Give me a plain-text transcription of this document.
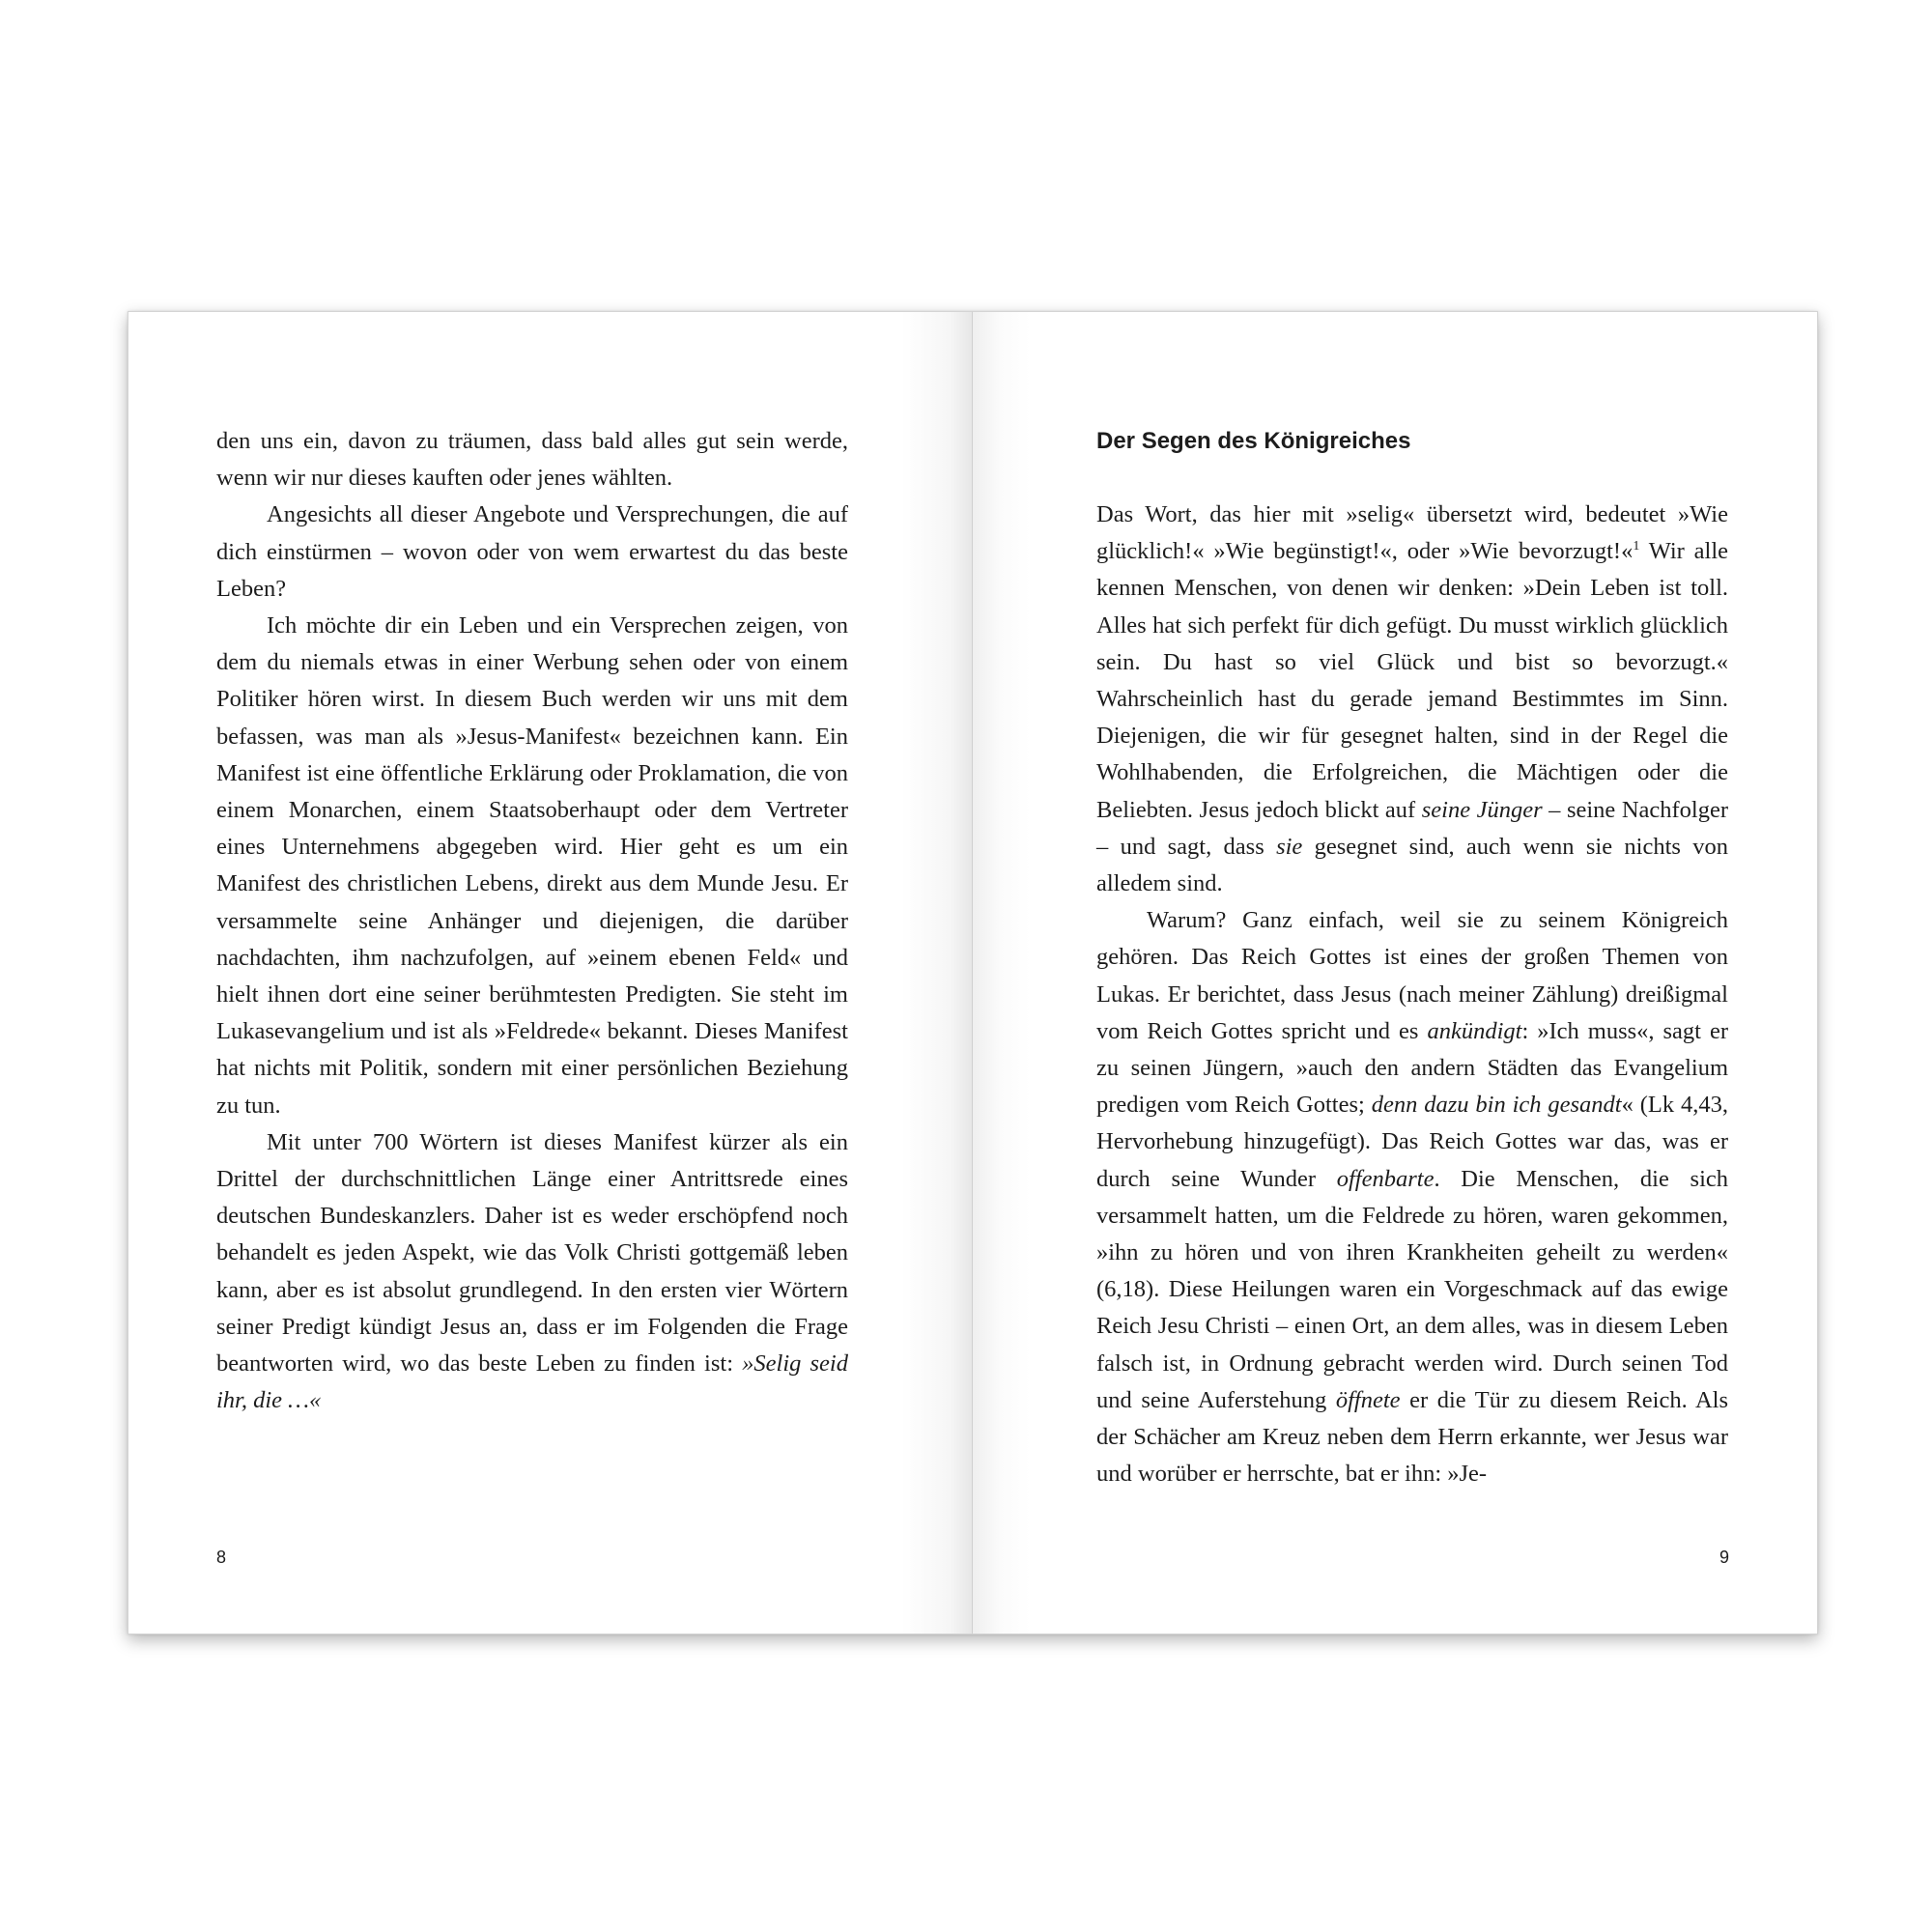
den uns ein, davon zu träumen, dass bald alles gut sein werde, wenn wir nur dieses kauften oder jenes wählten.

Angesichts all dieser Angebote und Versprechungen, die auf dich einstürmen – wovon oder von wem erwartest du das beste Leben?

Ich möchte dir ein Leben und ein Versprechen zeigen, von dem du niemals etwas in einer Werbung sehen oder von einem Politiker hören wirst. In diesem Buch werden wir uns mit dem befassen, was man als »Jesus-Manifest« bezeichnen kann. Ein Manifest ist eine öffentliche Erklärung oder Proklamation, die von einem Monarchen, einem Staatsoberhaupt oder dem Vertreter eines Unternehmens abgegeben wird. Hier geht es um ein Manifest des christlichen Lebens, direkt aus dem Munde Jesu. Er versammelte seine Anhänger und diejenigen, die darüber nachdachten, ihm nachzufolgen, auf »einem ebenen Feld« und hielt ihnen dort eine seiner berühmtesten Predigten. Sie steht im Lukasevangelium und ist als »Feldrede« bekannt. Dieses Manifest hat nichts mit Politik, sondern mit einer persönlichen Beziehung zu tun.

Mit unter 700 Wörtern ist dieses Manifest kürzer als ein Drittel der durchschnittlichen Länge einer Antrittsrede eines deutschen Bundeskanzlers. Daher ist es weder erschöpfend noch behandelt es jeden Aspekt, wie das Volk Christi gottgemäß leben kann, aber es ist absolut grundlegend. In den ersten vier Wörtern seiner Predigt kündigt Jesus an, dass er im Folgenden die Frage beantworten wird, wo das beste Leben zu finden ist: »Selig seid ihr, die …«

8
Der Segen des Königreiches

Das Wort, das hier mit »selig« übersetzt wird, bedeutet »Wie glücklich!« »Wie begünstigt!«, oder »Wie bevorzugt!«$^1$ Wir alle kennen Menschen, von denen wir denken: »Dein Leben ist toll. Alles hat sich perfekt für dich gefügt. Du musst wirklich glücklich sein. Du hast so viel Glück und bist so bevorzugt.« Wahrscheinlich hast du gerade jemand Bestimmtes im Sinn. Diejenigen, die wir für gesegnet halten, sind in der Regel die Wohlhabenden, die Erfolgreichen, die Mächtigen oder die Beliebten. Jesus jedoch blickt auf seine Jünger – seine Nachfolger – und sagt, dass sie gesegnet sind, auch wenn sie nichts von alledem sind.

Warum? Ganz einfach, weil sie zu seinem Königreich gehören. Das Reich Gottes ist eines der großen Themen von Lukas. Er berichtet, dass Jesus (nach meiner Zählung) dreißigmal vom Reich Gottes spricht und es ankündigt: »Ich muss«, sagt er zu seinen Jüngern, »auch den andern Städten das Evangelium predigen vom Reich Gottes; denn dazu bin ich gesandt« (Lk 4,43, Hervorhebung hinzugefügt). Das Reich Gottes war das, was er durch seine Wunder offenbarte. Die Menschen, die sich versammelt hatten, um die Feldrede zu hören, waren gekommen, »ihn zu hören und von ihren Krankheiten geheilt zu werden« (6,18). Diese Heilungen waren ein Vorgeschmack auf das ewige Reich Jesu Christi – einen Ort, an dem alles, was in diesem Leben falsch ist, in Ordnung gebracht werden wird. Durch seinen Tod und seine Auferstehung öffnete er die Tür zu diesem Reich. Als der Schächer am Kreuz neben dem Herrn erkannte, wer Jesus war und worüber er herrschte, bat er ihn: »Je-

9
